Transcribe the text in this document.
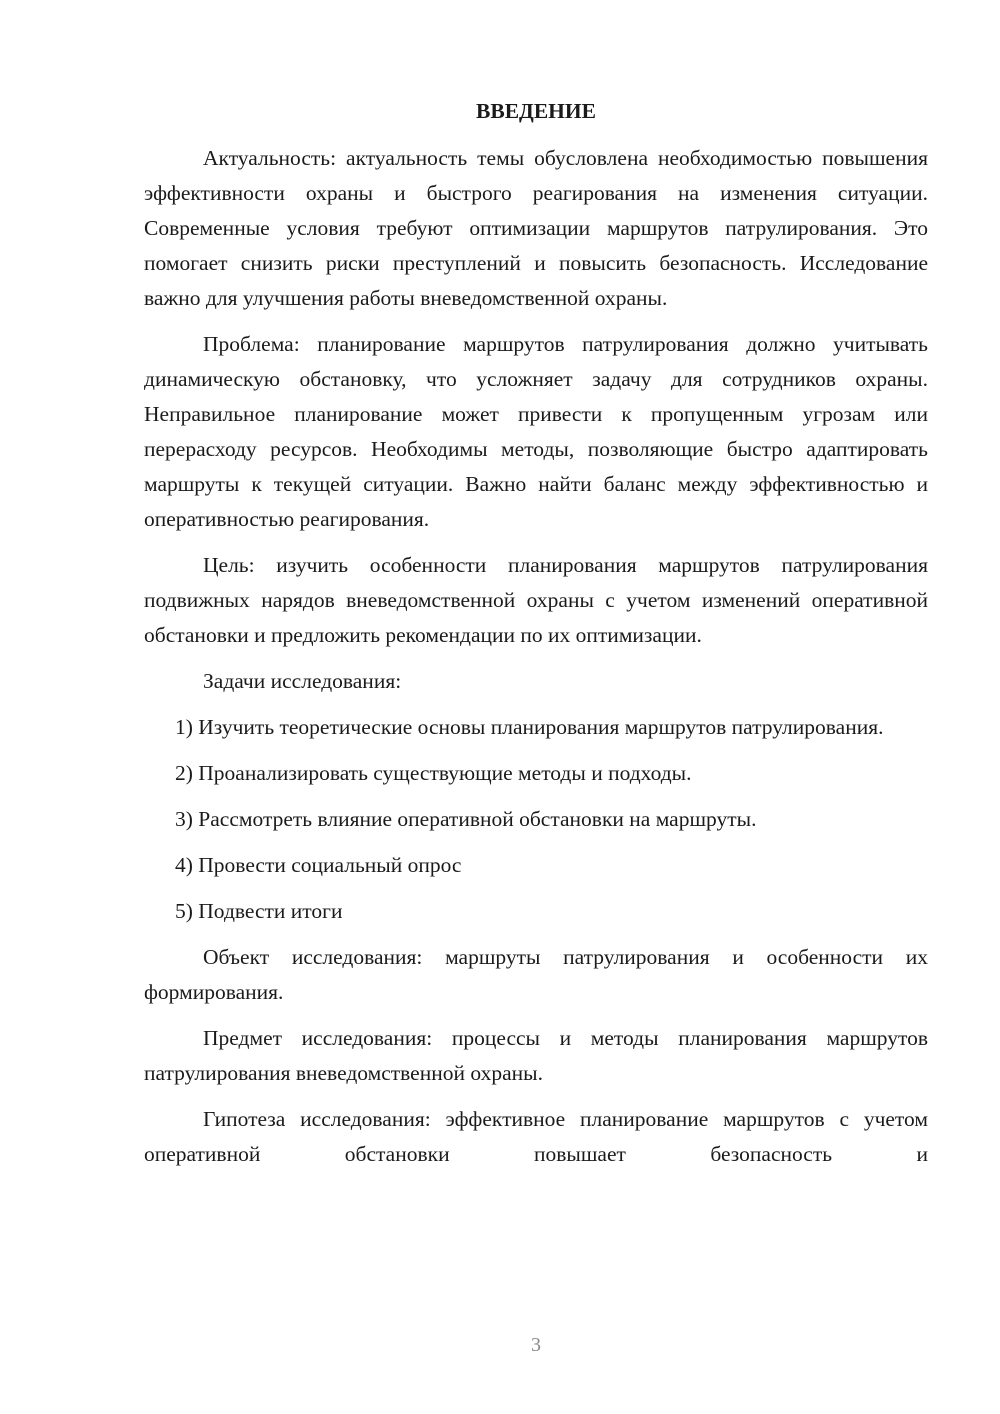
ВВЕДЕНИЕ

Актуальность: актуальность темы обусловлена необходимостью повышения эффективности охраны и быстрого реагирования на изменения ситуации. Современные условия требуют оптимизации маршрутов патрулирования. Это помогает снизить риски преступлений и повысить безопасность. Исследование важно для улучшения работы вневедомственной охраны.

Проблема: планирование маршрутов патрулирования должно учитывать динамическую обстановку, что усложняет задачу для сотрудников охраны. Неправильное планирование может привести к пропущенным угрозам или перерасходу ресурсов. Необходимы методы, позволяющие быстро адаптировать маршруты к текущей ситуации. Важно найти баланс между эффективностью и оперативностью реагирования.

Цель: изучить особенности планирования маршрутов патрулирования подвижных нарядов вневедомственной охраны с учетом изменений оперативной обстановки и предложить рекомендации по их оптимизации.

Задачи исследования:

1) Изучить теоретические основы планирования маршрутов патрулирования.

2) Проанализировать существующие методы и подходы.

3) Рассмотреть влияние оперативной обстановки на маршруты.

4) Провести социальный опрос

5) Подвести итоги

Объект исследования: маршруты патрулирования и особенности их формирования.

Предмет исследования: процессы и методы планирования маршрутов патрулирования вневедомственной охраны.

Гипотеза исследования: эффективное планирование маршрутов с учетом оперативной обстановки повышает безопасность и

3
